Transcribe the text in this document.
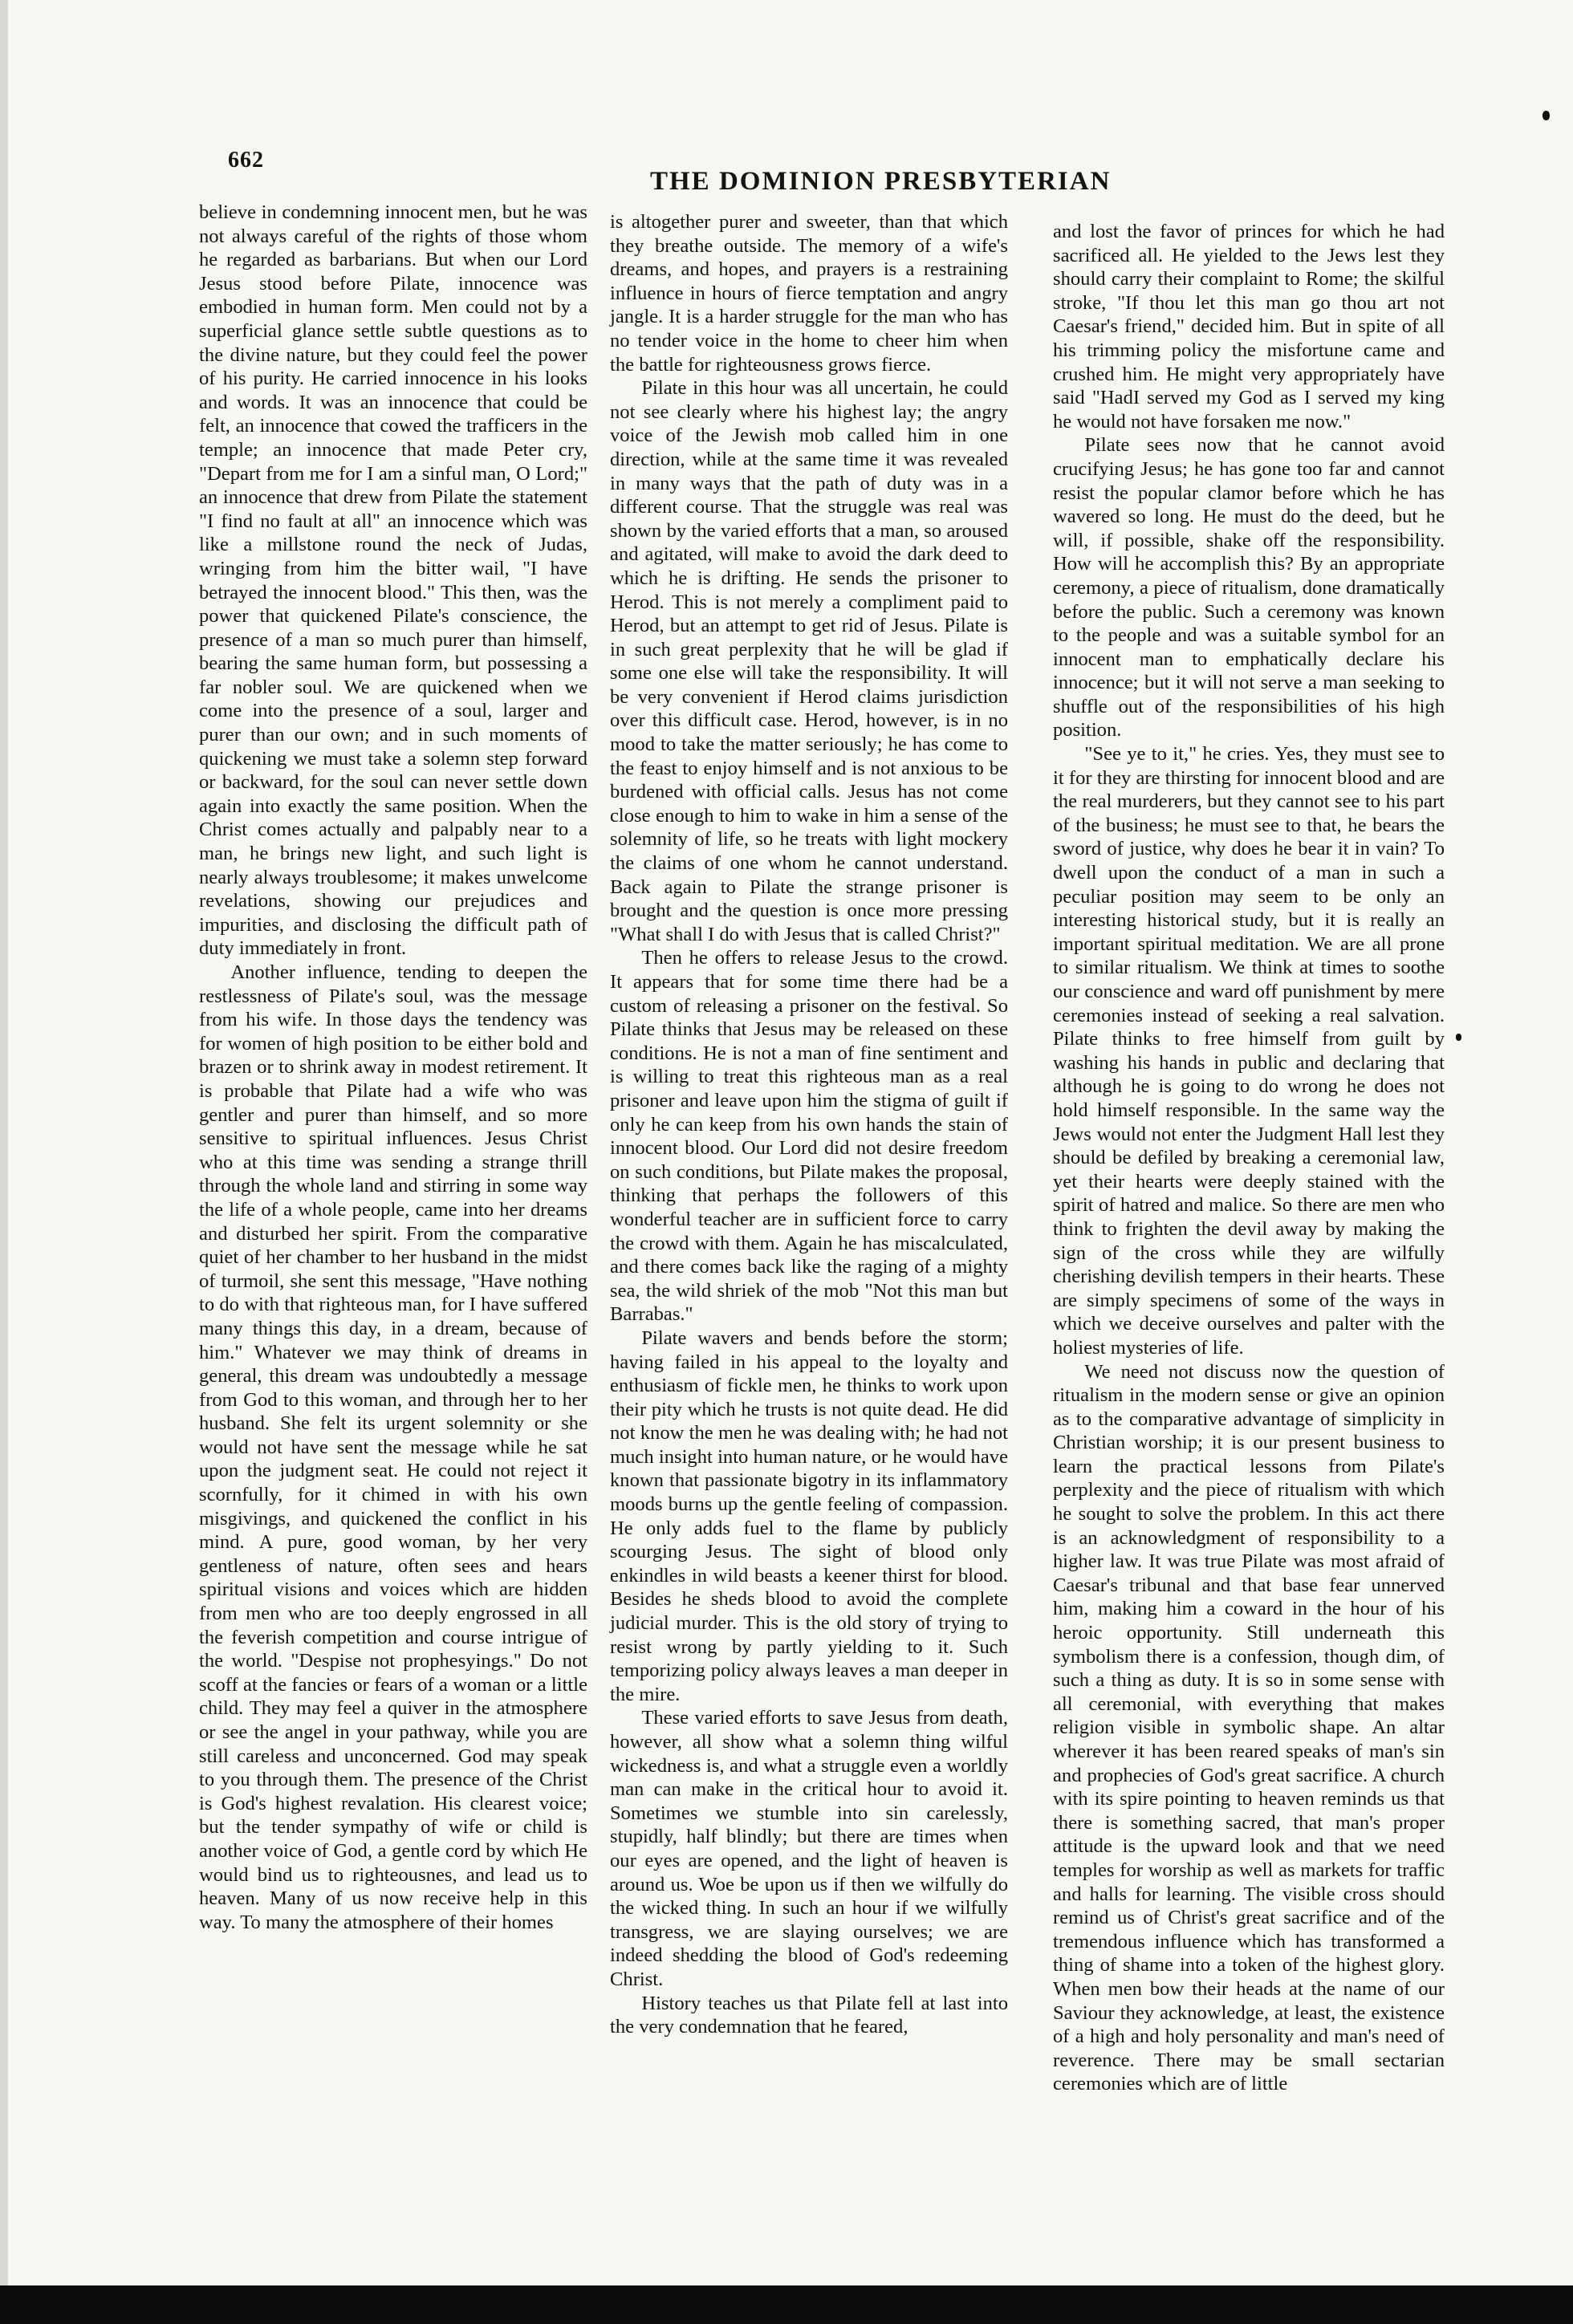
662
THE DOMINION PRESBYTERIAN

believe in condemning innocent men, but he was not always careful of the rights of those whom he regarded as barbarians. But when our Lord Jesus stood before Pilate, innocence was embodied in human form. Men could not by a superficial glance settle subtle questions as to the divine nature, but they could feel the power of his purity. He carried innocence in his looks and words. It was an innocence that could be felt, an innocence that cowed the trafficers in the temple; an innocence that made Peter cry, "Depart from me for I am a sinful man, O Lord;" an innocence that drew from Pilate the statement "I find no fault at all" an innocence which was like a millstone round the neck of Judas, wringing from him the bitter wail, "I have betrayed the innocent blood." This then, was the power that quickened Pilate's conscience, the presence of a man so much purer than himself, bearing the same human form, but possessing a far nobler soul. We are quickened when we come into the presence of a soul, larger and purer than our own; and in such moments of quickening we must take a solemn step forward or backward, for the soul can never settle down again into exactly the same position. When the Christ comes actually and palpably near to a man, he brings new light, and such light is nearly always troublesome; it makes unwelcome revelations, showing our prejudices and impurities, and disclosing the difficult path of duty immediately in front.

Another influence, tending to deepen the restlessness of Pilate's soul, was the message from his wife. In those days the tendency was for women of high position to be either bold and brazen or to shrink away in modest retirement. It is probable that Pilate had a wife who was gentler and purer than himself, and so more sensitive to spiritual influences. Jesus Christ who at this time was sending a strange thrill through the whole land and stirring in some way the life of a whole people, came into her dreams and disturbed her spirit. From the comparative quiet of her chamber to her husband in the midst of turmoil, she sent this message, "Have nothing to do with that righteous man, for I have suffered many things this day, in a dream, because of him." Whatever we may think of dreams in general, this dream was undoubtedly a message from God to this woman, and through her to her husband. She felt its urgent solemnity or she would not have sent the message while he sat upon the judgment seat. He could not reject it scornfully, for it chimed in with his own misgivings, and quickened the conflict in his mind. A pure, good woman, by her very gentleness of nature, often sees and hears spiritual visions and voices which are hidden from men who are too deeply engrossed in all the feverish competition and course intrigue of the world. "Despise not prophesyings." Do not scoff at the fancies or fears of a woman or a little child. They may feel a quiver in the atmosphere or see the angel in your pathway, while you are still careless and unconcerned. God may speak to you through them. The presence of the Christ is God's highest revalation. His clearest voice; but the tender sympathy of wife or child is another voice of God, a gentle cord by which He would bind us to righteousnes, and lead us to heaven. Many of us now receive help in this way. To many the atmosphere of their homes

is altogether purer and sweeter, than that which they breathe outside. The memory of a wife's dreams, and hopes, and prayers is a restraining influence in hours of fierce temptation and angry jangle. It is a harder struggle for the man who has no tender voice in the home to cheer him when the battle for righteousness grows fierce.

Pilate in this hour was all uncertain, he could not see clearly where his highest lay; the angry voice of the Jewish mob called him in one direction, while at the same time it was revealed in many ways that the path of duty was in a different course. That the struggle was real was shown by the varied efforts that a man, so aroused and agitated, will make to avoid the dark deed to which he is drifting. He sends the prisoner to Herod. This is not merely a compliment paid to Herod, but an attempt to get rid of Jesus. Pilate is in such great perplexity that he will be glad if some one else will take the responsibility. It will be very convenient if Herod claims jurisdiction over this difficult case. Herod, however, is in no mood to take the matter seriously; he has come to the feast to enjoy himself and is not anxious to be burdened with official calls. Jesus has not come close enough to him to wake in him a sense of the solemnity of life, so he treats with light mockery the claims of one whom he cannot understand. Back again to Pilate the strange prisoner is brought and the question is once more pressing "What shall I do with Jesus that is called Christ?"

Then he offers to release Jesus to the crowd. It appears that for some time there had be a custom of releasing a prisoner on the festival. So Pilate thinks that Jesus may be released on these conditions. He is not a man of fine sentiment and is willing to treat this righteous man as a real prisoner and leave upon him the stigma of guilt if only he can keep from his own hands the stain of innocent blood. Our Lord did not desire freedom on such conditions, but Pilate makes the proposal, thinking that perhaps the followers of this wonderful teacher are in sufficient force to carry the crowd with them. Again he has miscalculated, and there comes back like the raging of a mighty sea, the wild shriek of the mob "Not this man but Barrabas."

Pilate wavers and bends before the storm; having failed in his appeal to the loyalty and enthusiasm of fickle men, he thinks to work upon their pity which he trusts is not quite dead. He did not know the men he was dealing with; he had not much insight into human nature, or he would have known that passionate bigotry in its inflammatory moods burns up the gentle feeling of compassion. He only adds fuel to the flame by publicly scourging Jesus. The sight of blood only enkindles in wild beasts a keener thirst for blood. Besides he sheds blood to avoid the complete judicial murder. This is the old story of trying to resist wrong by partly yielding to it. Such temporizing policy always leaves a man deeper in the mire.

These varied efforts to save Jesus from death, however, all show what a solemn thing wilful wickedness is, and what a struggle even a worldly man can make in the critical hour to avoid it. Sometimes we stumble into sin carelessly, stupidly, half blindly; but there are times when our eyes are opened, and the light of heaven is around us. Woe be upon us if then we wilfully do the wicked thing. In such an hour if we wilfully transgress, we are slaying ourselves; we are indeed shedding the blood of God's redeeming Christ.

History teaches us that Pilate fell at last into the very condemnation that he feared,

and lost the favor of princes for which he had sacrificed all. He yielded to the Jews lest they should carry their complaint to Rome; the skilful stroke, "If thou let this man go thou art not Caesar's friend," decided him. But in spite of all his trimming policy the misfortune came and crushed him. He might very appropriately have said "HadI served my God as I served my king he would not have forsaken me now."

Pilate sees now that he cannot avoid crucifying Jesus; he has gone too far and cannot resist the popular clamor before which he has wavered so long. He must do the deed, but he will, if possible, shake off the responsibility. How will he accomplish this? By an appropriate ceremony, a piece of ritualism, done dramatically before the public. Such a ceremony was known to the people and was a suitable symbol for an innocent man to emphatically declare his innocence; but it will not serve a man seeking to shuffle out of the responsibilities of his high position.

"See ye to it," he cries. Yes, they must see to it for they are thirsting for innocent blood and are the real murderers, but they cannot see to his part of the business; he must see to that, he bears the sword of justice, why does he bear it in vain? To dwell upon the conduct of a man in such a peculiar position may seem to be only an interesting historical study, but it is really an important spiritual meditation. We are all prone to similar ritualism. We think at times to soothe our conscience and ward off punishment by mere ceremonies instead of seeking a real salvation. Pilate thinks to free himself from guilt by washing his hands in public and declaring that although he is going to do wrong he does not hold himself responsible. In the same way the Jews would not enter the Judgment Hall lest they should be defiled by breaking a ceremonial law, yet their hearts were deeply stained with the spirit of hatred and malice. So there are men who think to frighten the devil away by making the sign of the cross while they are wilfully cherishing devilish tempers in their hearts. These are simply specimens of some of the ways in which we deceive ourselves and palter with the holiest mysteries of life.

We need not discuss now the question of ritualism in the modern sense or give an opinion as to the comparative advantage of simplicity in Christian worship; it is our present business to learn the practical lessons from Pilate's perplexity and the piece of ritualism with which he sought to solve the problem. In this act there is an acknowledgment of responsibility to a higher law. It was true Pilate was most afraid of Caesar's tribunal and that base fear unnerved him, making him a coward in the hour of his heroic opportunity. Still underneath this symbolism there is a confession, though dim, of such a thing as duty. It is so in some sense with all ceremonial, with everything that makes religion visible in symbolic shape. An altar wherever it has been reared speaks of man's sin and prophecies of God's great sacrifice. A church with its spire pointing to heaven reminds us that there is something sacred, that man's proper attitude is the upward look and that we need temples for worship as well as markets for traffic and halls for learning. The visible cross should remind us of Christ's great sacrifice and of the tremendous influence which has transformed a thing of shame into a token of the highest glory. When men bow their heads at the name of our Saviour they acknowledge, at least, the existence of a high and holy personality and man's need of reverence. There may be small sectarian ceremonies which are of little
